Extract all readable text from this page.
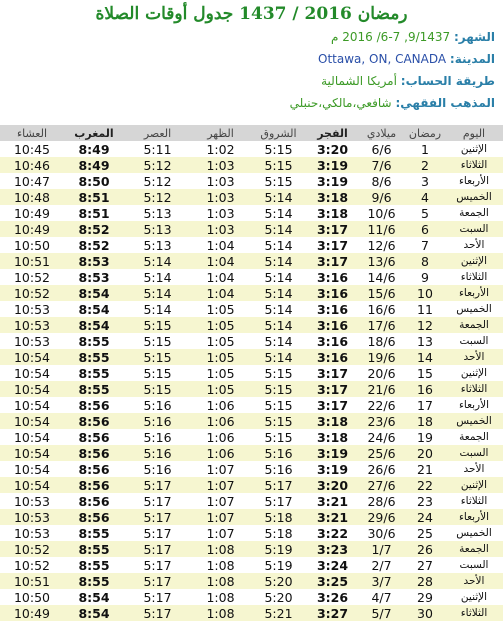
رمضان 2016 / 1437 جدول أوقات الصلاة
الشهر: 9/1437, 7-6/ 2016 م
المدينة: Ottawa, ON, CANADA
طريقة الحساب: أمريكا الشمالية
المذهب الفقهي: شافعي،مالكي،حنبلي
اليوم	رمضان	ميلادي	الفجر	الشروق	الظهر	العصر	المغرب	العشاء
الإثنين	1	6/6	3:20	5:15	1:02	5:11	8:49	10:45
الثلاثاء	2	7/6	3:19	5:15	1:03	5:12	8:49	10:46
الأربعاء	3	8/6	3:19	5:15	1:03	5:12	8:50	10:47
الخميس	4	9/6	3:18	5:14	1:03	5:12	8:51	10:48
الجمعة	5	10/6	3:18	5:14	1:03	5:13	8:51	10:49
السبت	6	11/6	3:17	5:14	1:03	5:13	8:52	10:49
الأحد	7	12/6	3:17	5:14	1:04	5:13	8:52	10:50
الإثنين	8	13/6	3:17	5:14	1:04	5:14	8:53	10:51
الثلاثاء	9	14/6	3:16	5:14	1:04	5:14	8:53	10:52
الأربعاء	10	15/6	3:16	5:14	1:04	5:14	8:54	10:52
الخميس	11	16/6	3:16	5:14	1:05	5:14	8:54	10:53
الجمعة	12	17/6	3:16	5:14	1:05	5:15	8:54	10:53
السبت	13	18/6	3:16	5:14	1:05	5:15	8:55	10:53
الأحد	14	19/6	3:16	5:14	1:05	5:15	8:55	10:54
الإثنين	15	20/6	3:17	5:15	1:05	5:15	8:55	10:54
الثلاثاء	16	21/6	3:17	5:15	1:05	5:15	8:55	10:54
الأربعاء	17	22/6	3:17	5:15	1:06	5:16	8:56	10:54
الخميس	18	23/6	3:18	5:15	1:06	5:16	8:56	10:54
الجمعة	19	24/6	3:18	5:15	1:06	5:16	8:56	10:54
السبت	20	25/6	3:19	5:16	1:06	5:16	8:56	10:54
الأحد	21	26/6	3:19	5:16	1:07	5:16	8:56	10:54
الإثنين	22	27/6	3:20	5:17	1:07	5:17	8:56	10:54
الثلاثاء	23	28/6	3:21	5:17	1:07	5:17	8:56	10:53
الأربعاء	24	29/6	3:21	5:18	1:07	5:17	8:56	10:53
الخميس	25	30/6	3:22	5:18	1:07	5:17	8:55	10:53
الجمعة	26	1/7	3:23	5:19	1:08	5:17	8:55	10:52
السبت	27	2/7	3:24	5:19	1:08	5:17	8:55	10:52
الأحد	28	3/7	3:25	5:20	1:08	5:17	8:55	10:51
الإثنين	29	4/7	3:26	5:20	1:08	5:17	8:54	10:50
الثلاثاء	30	5/7	3:27	5:21	1:08	5:17	8:54	10:49
